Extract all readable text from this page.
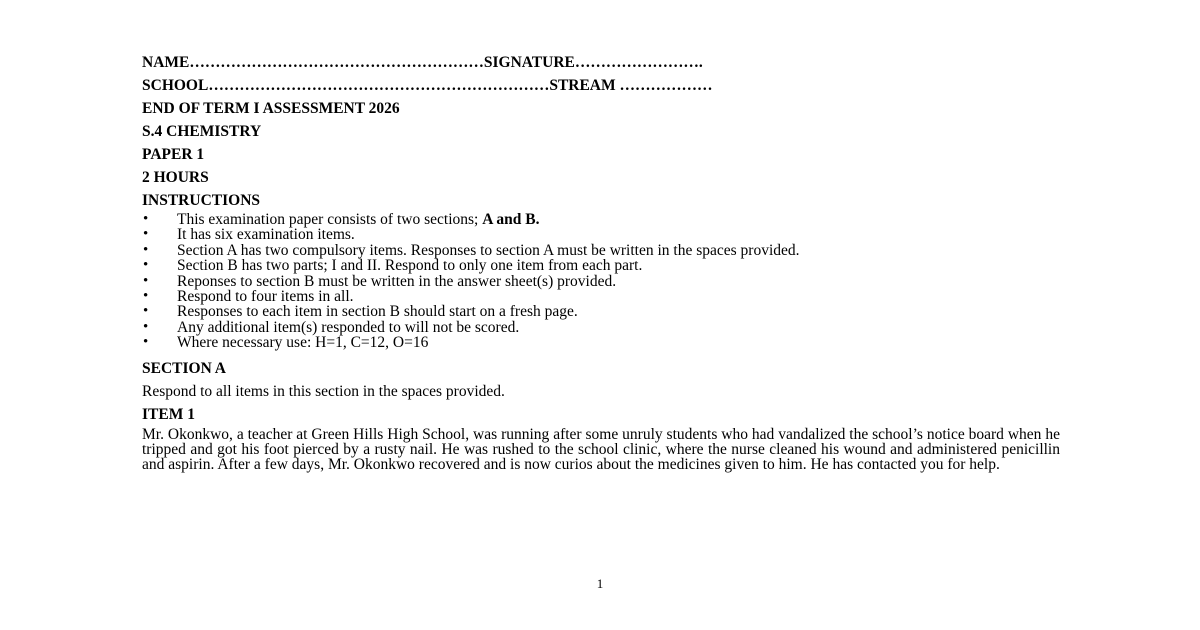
NAME…………………………………………………SIGNATURE…………………….
SCHOOL…………………………………………………………STREAM ………………
END OF TERM I ASSESSMENT 2026
S.4 CHEMISTRY
PAPER 1
2 HOURS
INSTRUCTIONS
• This examination paper consists of two sections; A and B.
• It has six examination items.
• Section A has two compulsory items. Responses to section A must be written in the spaces provided.
• Section B has two parts; I and II. Respond to only one item from each part.
• Reponses to section B must be written in the answer sheet(s) provided.
• Respond to four items in all.
• Responses to each item in section B should start on a fresh page.
• Any additional item(s) responded to will not be scored.
• Where necessary use: H=1, C=12, O=16
SECTION A
Respond to all items in this section in the spaces provided.
ITEM 1
Mr. Okonkwo, a teacher at Green Hills High School, was running after some unruly students who had vandalized the school’s notice board when he tripped and got his foot pierced by a rusty nail. He was rushed to the school clinic, where the nurse cleaned his wound and administered penicillin and aspirin. After a few days, Mr. Okonkwo recovered and is now curios about the medicines given to him. He has contacted you for help.
1
